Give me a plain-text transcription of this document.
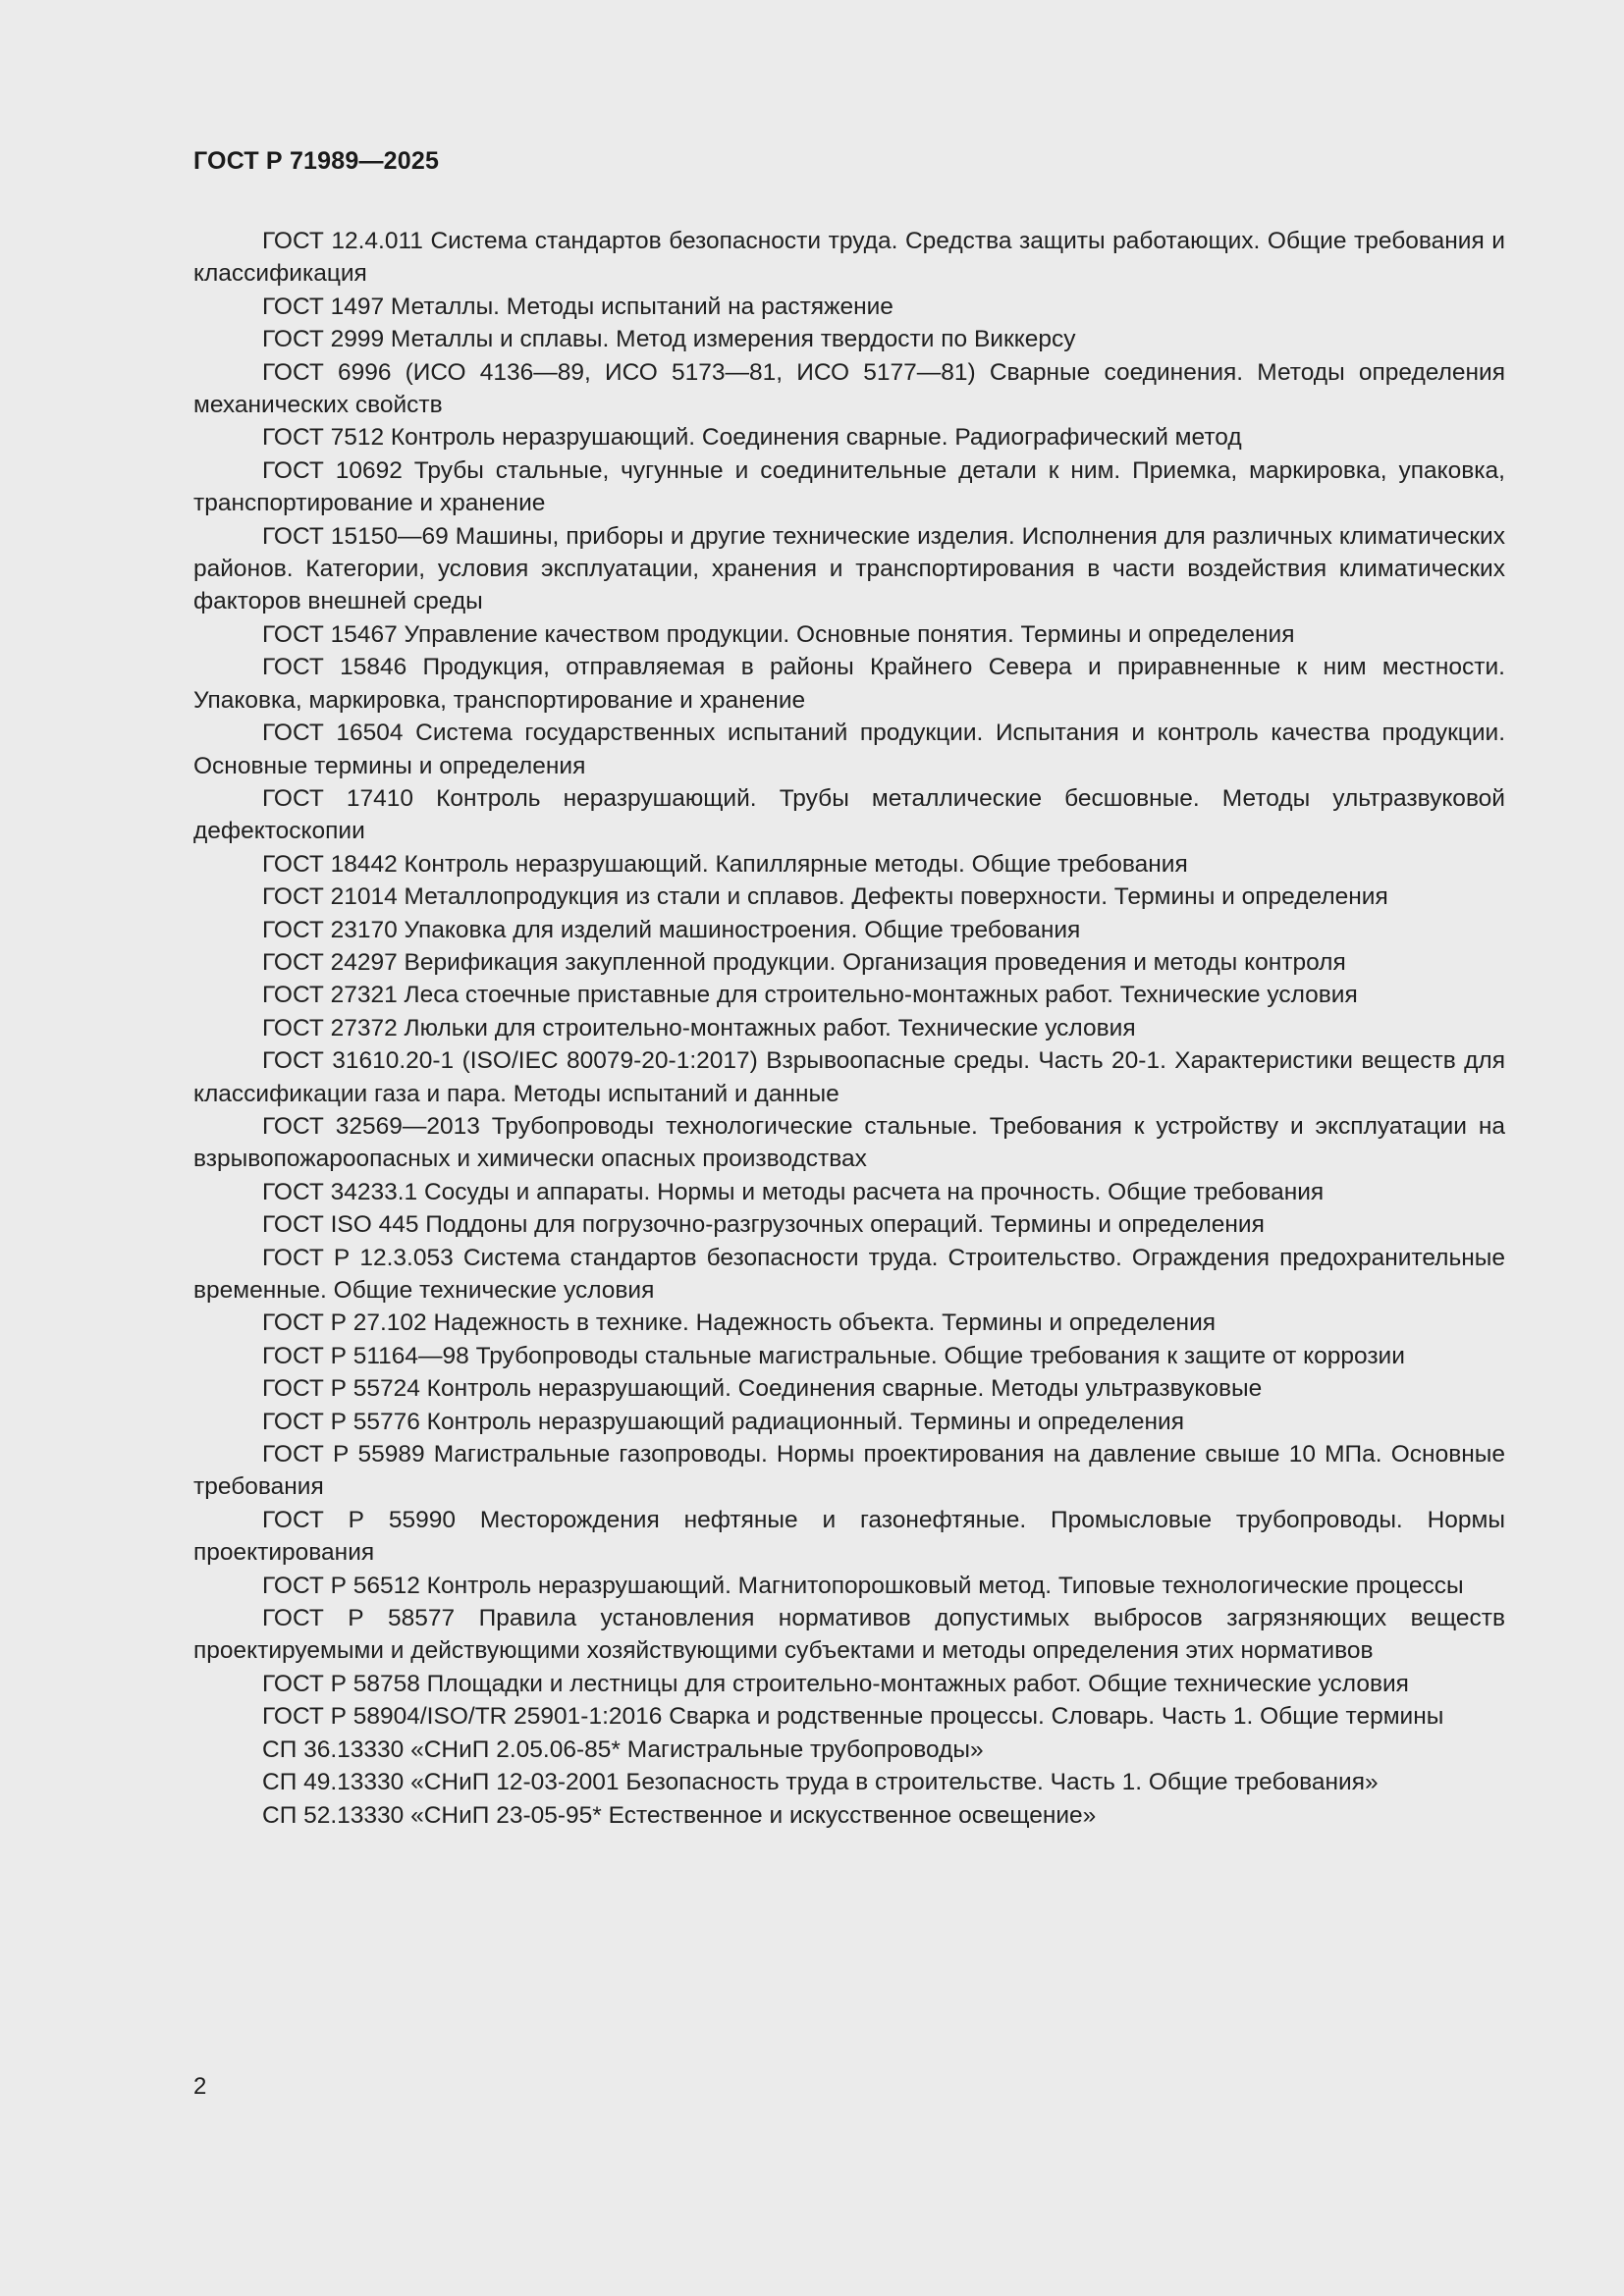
ГОСТ Р 71989—2025

ГОСТ 12.4.011 Система стандартов безопасности труда. Средства защиты работающих. Общие требования и классификация

ГОСТ 1497 Металлы. Методы испытаний на растяжение

ГОСТ 2999 Металлы и сплавы. Метод измерения твердости по Виккерсу

ГОСТ 6996 (ИСО 4136—89, ИСО 5173—81, ИСО 5177—81) Сварные соединения. Методы определения механических свойств

ГОСТ 7512 Контроль неразрушающий. Соединения сварные. Радиографический метод

ГОСТ 10692 Трубы стальные, чугунные и соединительные детали к ним. Приемка, маркировка, упаковка, транспортирование и хранение

ГОСТ 15150—69 Машины, приборы и другие технические изделия. Исполнения для различных климатических районов. Категории, условия эксплуатации, хранения и транспортирования в части воздействия климатических факторов внешней среды

ГОСТ 15467 Управление качеством продукции. Основные понятия. Термины и определения

ГОСТ 15846 Продукция, отправляемая в районы Крайнего Севера и приравненные к ним местности. Упаковка, маркировка, транспортирование и хранение

ГОСТ 16504 Система государственных испытаний продукции. Испытания и контроль качества продукции. Основные термины и определения

ГОСТ 17410 Контроль неразрушающий. Трубы металлические бесшовные. Методы ультразвуковой дефектоскопии

ГОСТ 18442 Контроль неразрушающий. Капиллярные методы. Общие требования

ГОСТ 21014 Металлопродукция из стали и сплавов. Дефекты поверхности. Термины и определения

ГОСТ 23170 Упаковка для изделий машиностроения. Общие требования

ГОСТ 24297 Верификация закупленной продукции. Организация проведения и методы контроля

ГОСТ 27321 Леса стоечные приставные для строительно-монтажных работ. Технические условия

ГОСТ 27372 Люльки для строительно-монтажных работ. Технические условия

ГОСТ 31610.20-1 (ISO/IEC 80079-20-1:2017) Взрывоопасные среды. Часть 20-1. Характеристики веществ для классификации газа и пара. Методы испытаний и данные

ГОСТ 32569—2013 Трубопроводы технологические стальные. Требования к устройству и эксплуатации на взрывопожароопасных и химически опасных производствах

ГОСТ 34233.1 Сосуды и аппараты. Нормы и методы расчета на прочность. Общие требования

ГОСТ ISO 445 Поддоны для погрузочно-разгрузочных операций. Термины и определения

ГОСТ Р 12.3.053 Система стандартов безопасности труда. Строительство. Ограждения предохранительные временные. Общие технические условия

ГОСТ Р 27.102 Надежность в технике. Надежность объекта. Термины и определения

ГОСТ Р 51164—98 Трубопроводы стальные магистральные. Общие требования к защите от коррозии

ГОСТ Р 55724 Контроль неразрушающий. Соединения сварные. Методы ультразвуковые

ГОСТ Р 55776 Контроль неразрушающий радиационный. Термины и определения

ГОСТ Р 55989 Магистральные газопроводы. Нормы проектирования на давление свыше 10 МПа. Основные требования

ГОСТ Р 55990 Месторождения нефтяные и газонефтяные. Промысловые трубопроводы. Нормы проектирования

ГОСТ Р 56512 Контроль неразрушающий. Магнитопорошковый метод. Типовые технологические процессы

ГОСТ Р 58577 Правила установления нормативов допустимых выбросов загрязняющих веществ проектируемыми и действующими хозяйствующими субъектами и методы определения этих нормативов

ГОСТ Р 58758 Площадки и лестницы для строительно-монтажных работ. Общие технические условия

ГОСТ Р 58904/ISO/TR 25901-1:2016 Сварка и родственные процессы. Словарь. Часть 1. Общие термины

СП 36.13330 «СНиП 2.05.06-85* Магистральные трубопроводы»

СП 49.13330 «СНиП 12-03-2001 Безопасность труда в строительстве. Часть 1. Общие требования»

СП 52.13330 «СНиП 23-05-95* Естественное и искусственное освещение»

2
